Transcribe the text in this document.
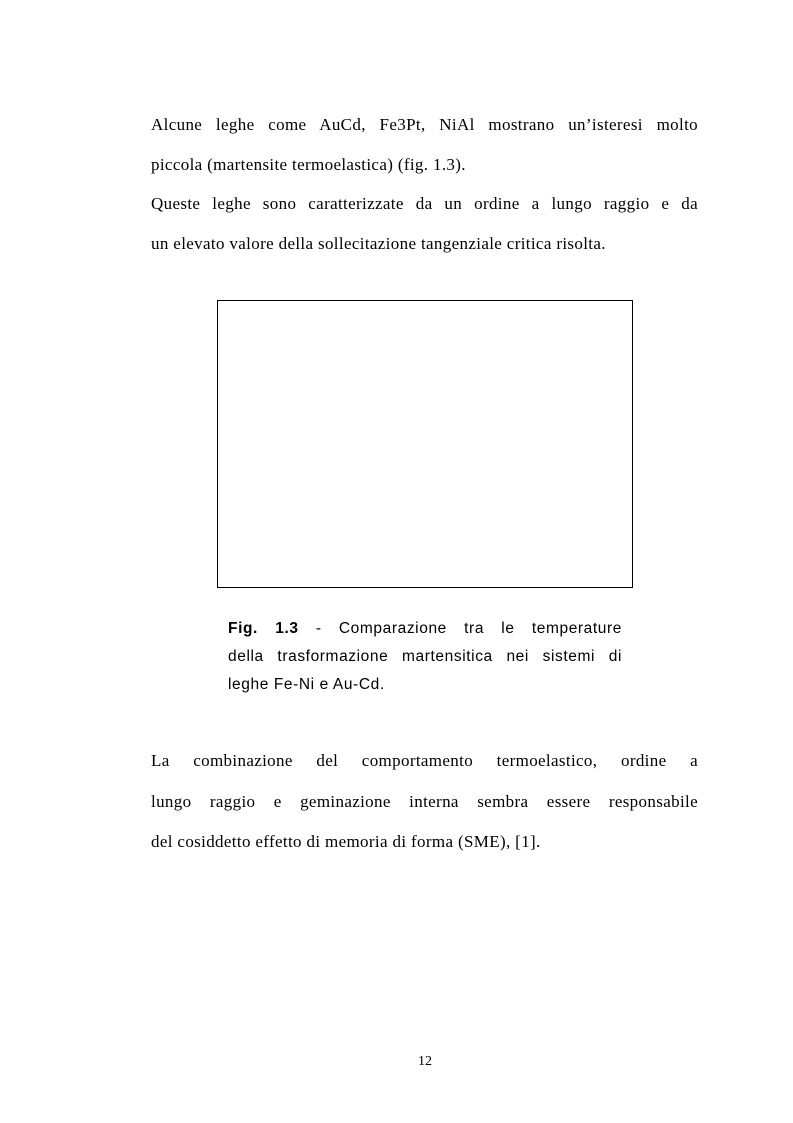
Alcune leghe come AuCd, Fe3Pt, NiAl mostrano un’isteresi molto
piccola (martensite termoelastica) (fig. 1.3).
Queste leghe sono caratterizzate da un ordine a lungo raggio e da
un elevato valore della sollecitazione tangenziale critica risolta.
Fig. 1.3 - Comparazione tra le temperature
della trasformazione martensitica nei sistemi di
leghe Fe-Ni e Au-Cd.
La combinazione del comportamento termoelastico, ordine a
lungo raggio e geminazione interna sembra essere responsabile
del cosiddetto effetto di memoria di forma (SME), [1].
12
